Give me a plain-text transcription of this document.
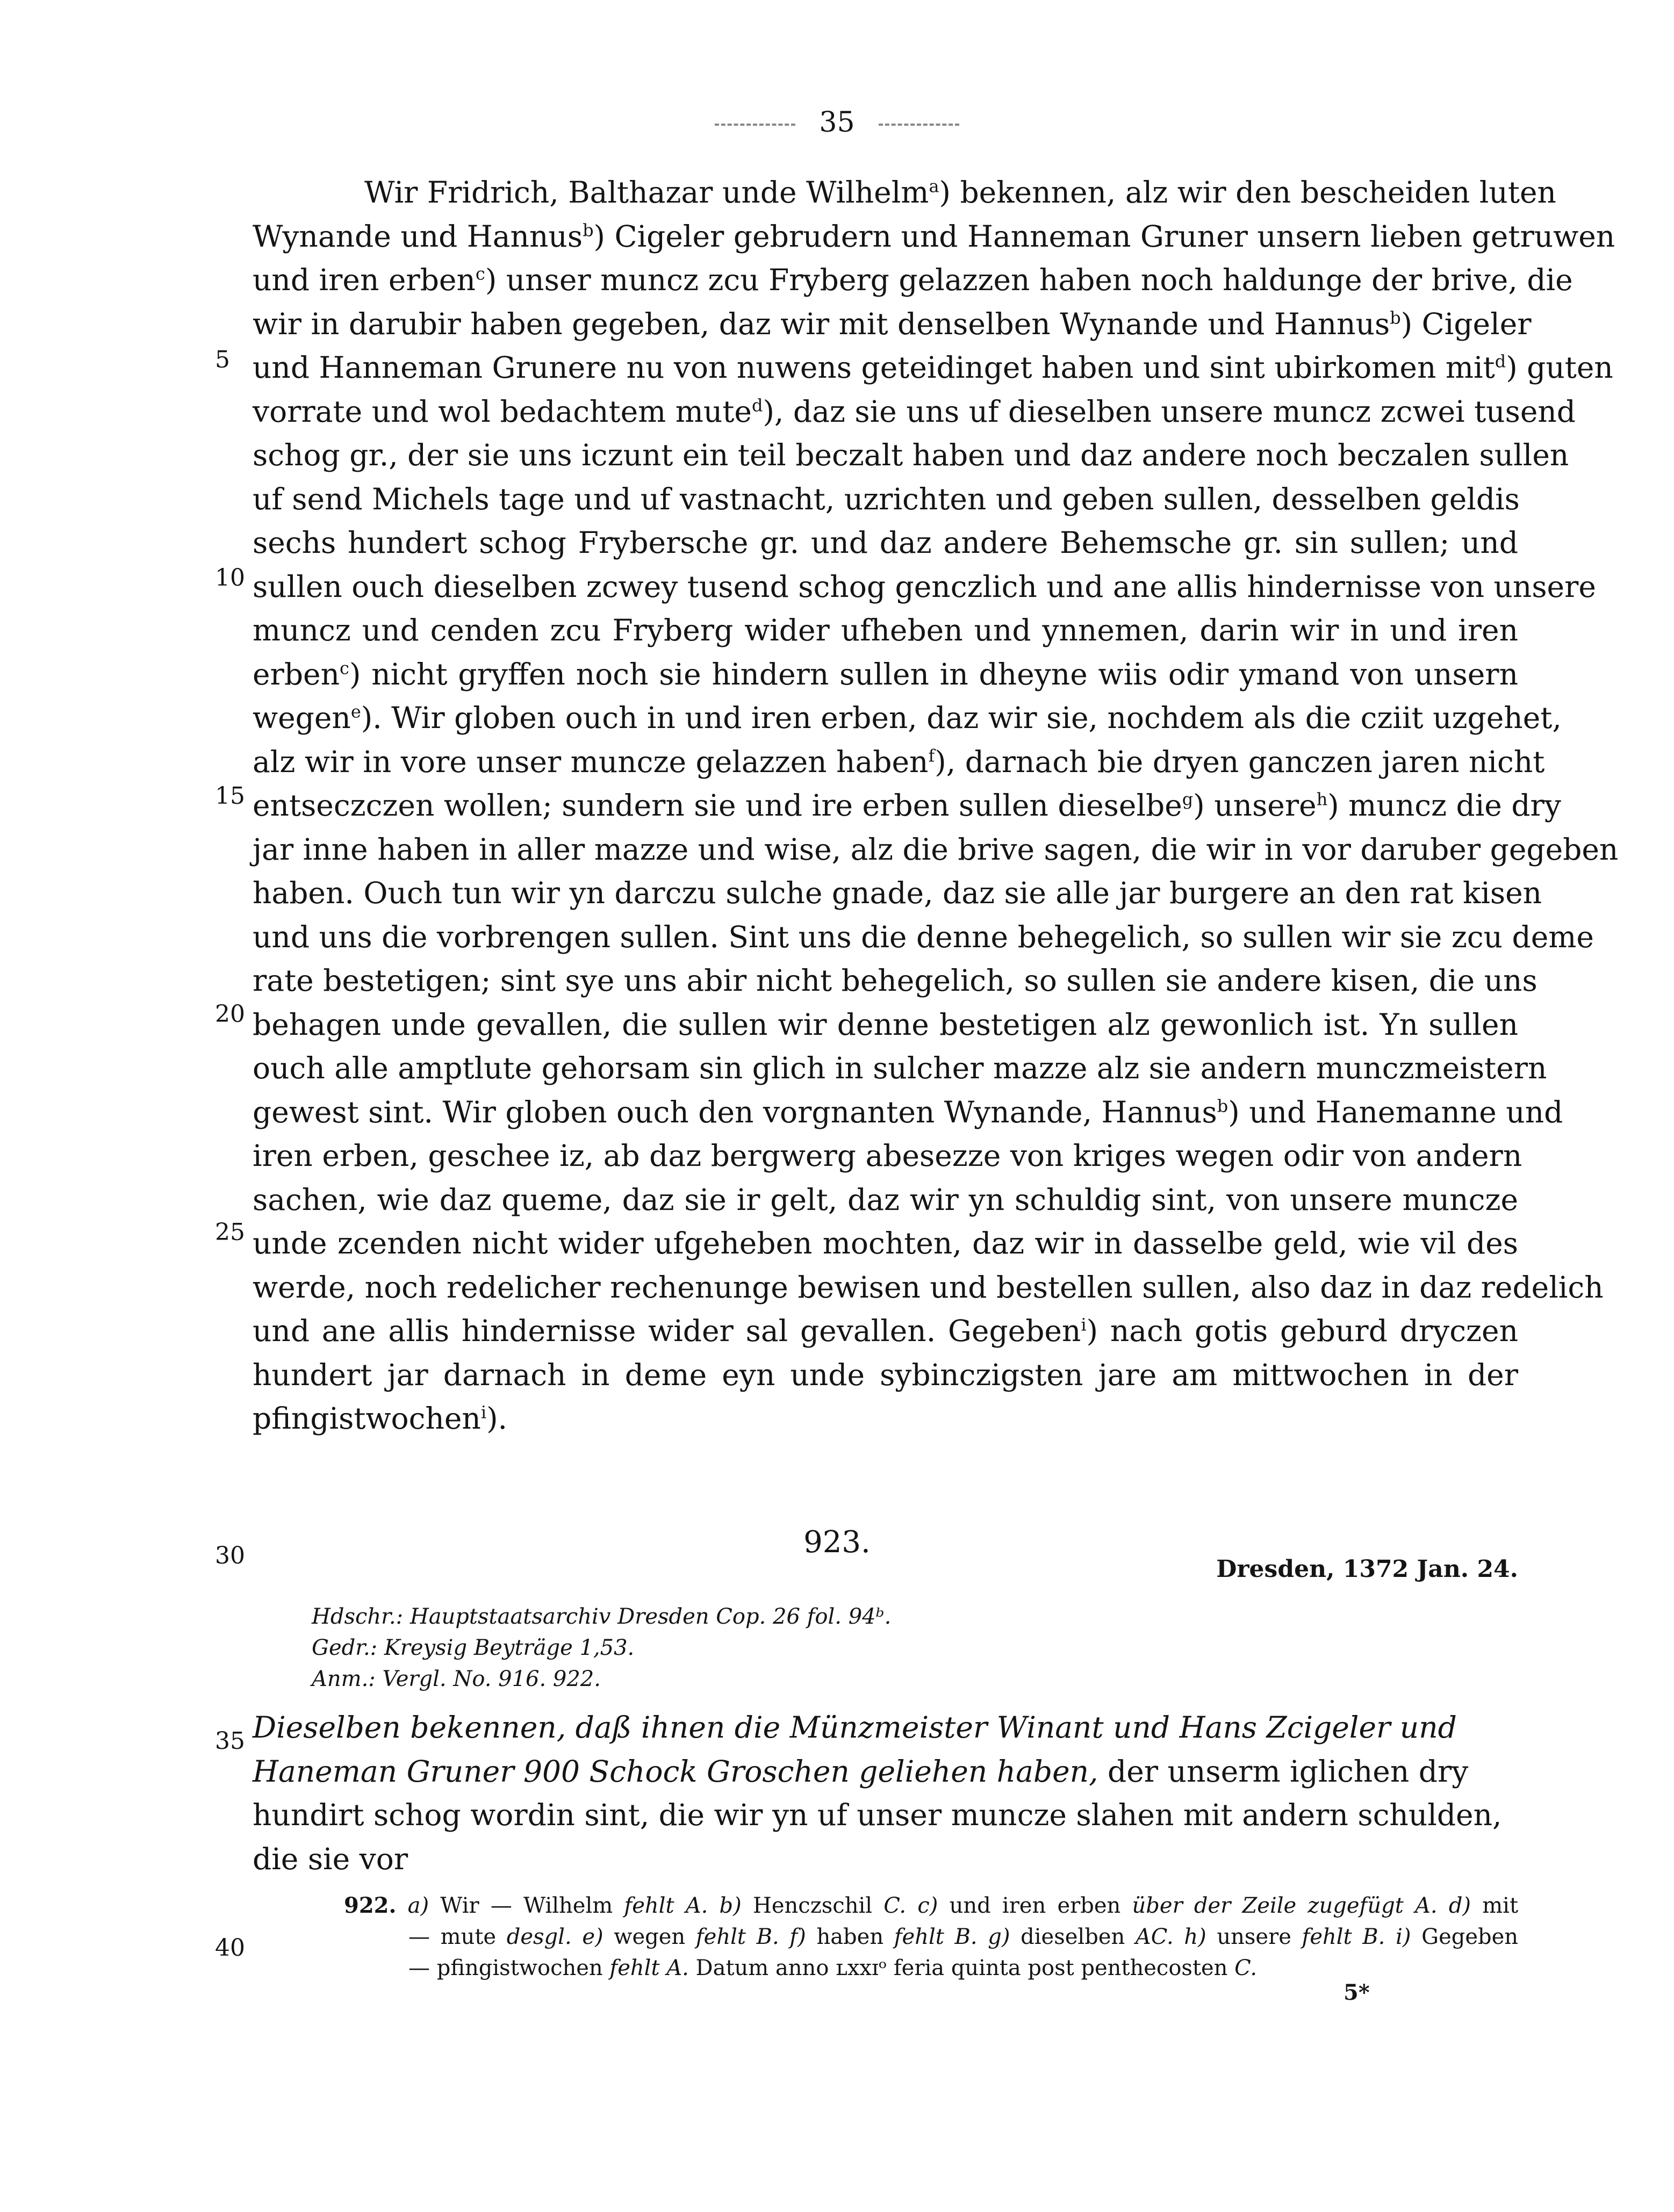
35
Wir Fridrich, Balthazar unde Wilhelm$^a$) bekennen, alz wir den bescheiden luten
Wynande und Hannus$^b$) Cigeler gebrudern und Hanneman Gruner unsern lieben getruwen
und iren erben$^c$) unser muncz zcu Fryberg gelazzen haben noch haldunge der brive, die
wir in darubir haben gegeben, daz wir mit denselben Wynande und Hannus$^b$) Cigeler
und Hanneman Grunere nu von nuwens geteidinget haben und sint ubirkomen mit$^d$) guten
vorrate und wol bedachtem mute$^d$), daz sie uns uf dieselben unsere muncz zcwei tusend
schog gr., der sie uns iczunt ein teil beczalt haben und daz andere noch beczalen sullen
uf send Michels tage und uf vastnacht, uzrichten und geben sullen, desselben geldis
sechs hundert schog Frybersche gr. und daz andere Behemsche gr. sin sullen; und
sullen ouch dieselben zcwey tusend schog genczlich und ane allis hindernisse von unsere
muncz und cenden zcu Fryberg wider ufheben und ynnemen, darin wir in und iren
erben$^c$) nicht gryffen noch sie hindern sullen in dheyne wiis odir ymand von unsern
wegen$^e$). Wir globen ouch in und iren erben, daz wir sie, nochdem als die cziit uzgehet,
alz wir in vore unser muncze gelazzen haben$^f$), darnach bie dryen ganczen jaren nicht
entseczczen wollen; sundern sie und ire erben sullen dieselbe$^g$) unsere$^h$) muncz die dry
jar inne haben in aller mazze und wise, alz die brive sagen, die wir in vor daruber gegeben
haben. Ouch tun wir yn darczu sulche gnade, daz sie alle jar burgere an den rat kisen
und uns die vorbrengen sullen. Sint uns die denne behegelich, so sullen wir sie zcu deme
rate bestetigen; sint sye uns abir nicht behegelich, so sullen sie andere kisen, die uns
behagen unde gevallen, die sullen wir denne bestetigen alz gewonlich ist. Yn sullen
ouch alle amptlute gehorsam sin glich in sulcher mazze alz sie andern munczmeistern
gewest sint. Wir globen ouch den vorgnanten Wynande, Hannus$^b$) und Hanemanne und
iren erben, geschee iz, ab daz bergwerg abesezze von kriges wegen odir von andern
sachen, wie daz queme, daz sie ir gelt, daz wir yn schuldig sint, von unsere muncze
unde zcenden nicht wider ufgeheben mochten, daz wir in dasselbe geld, wie vil des
werde, noch redelicher rechenunge bewisen und bestellen sullen, also daz in daz redelich
und ane allis hindernisse wider sal gevallen. Gegeben$^i$) nach gotis geburd dryczen
hundert jar darnach in deme eyn unde sybinczigsten jare am mittwochen in der
pfingistwochen$^i$).
5
10
15
20
25
30
35
40
923.
Dresden, 1372 Jan. 24.
Hdschr.: Hauptstaatsarchiv Dresden Cop. 26 fol. 94ᵇ.
Gedr.: Kreysig Beyträge 1,53.
Anm.: Vergl. No. 916. 922.
Dieselben bekennen, daß ihnen die Münzmeister Winant und Hans Zcigeler und Haneman Gruner 900 Schock Groschen geliehen haben, der unserm iglichen dry hundirt schog wordin sint, die wir yn uf unser muncze slahen mit andern schulden, die sie vor
922. a) Wir — Wilhelm fehlt A. b) Henczschil C. c) und iren erben über der Zeile zugefügt A. d) mit
— mute desgl. e) wegen fehlt B. f) haben fehlt B. g) dieselben AC. h) unsere fehlt B. i) Gegeben
— pfingistwochen fehlt A. Datum anno ʟxxɪᵒ feria quinta post penthecosten C.
5*
